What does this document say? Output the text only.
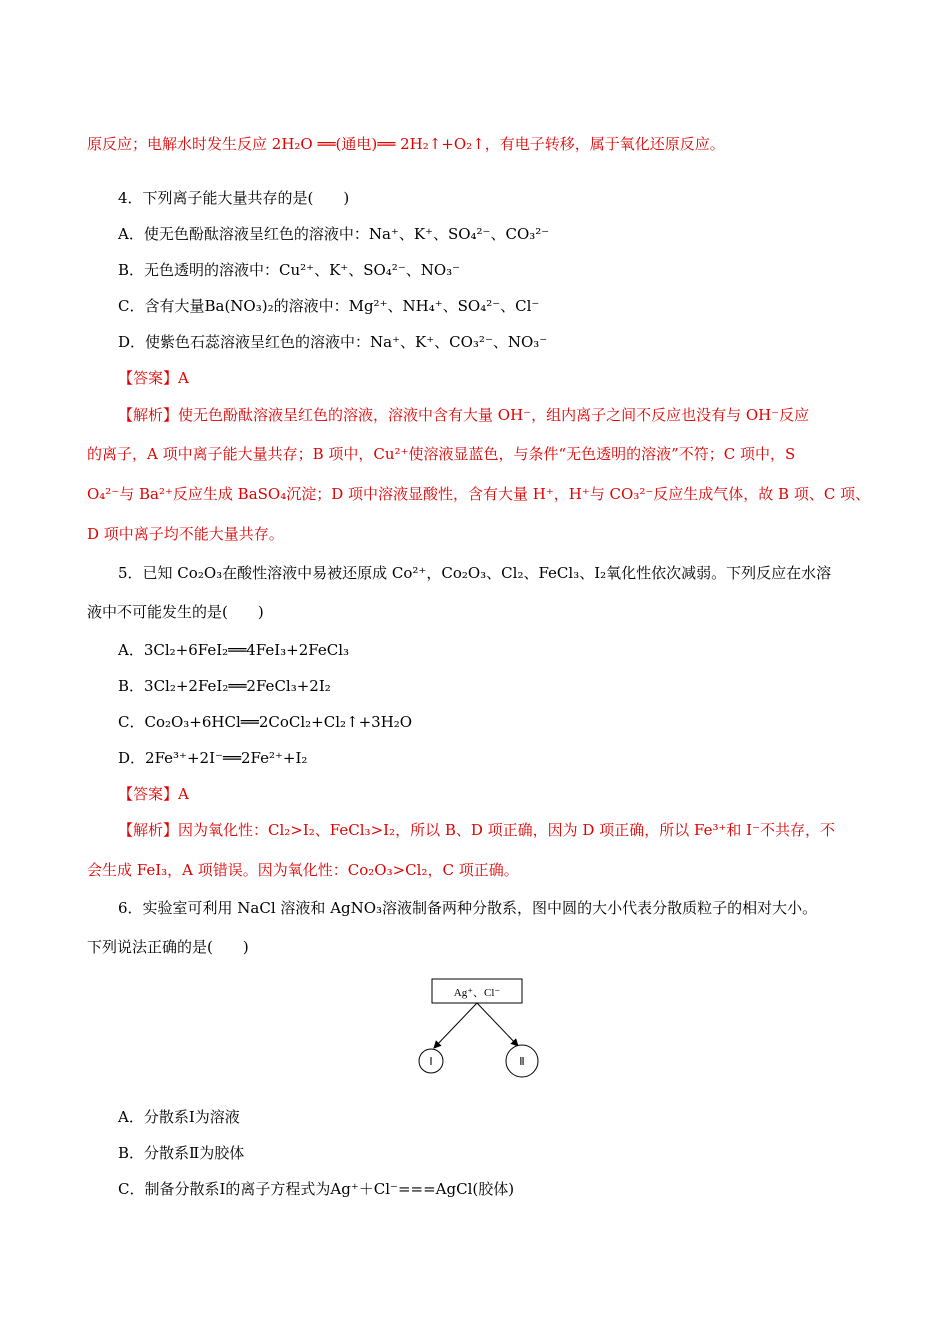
原反应；电解水时发生反应 2H₂O ══(通电)══ 2H₂↑+O₂↑，有电子转移，属于氧化还原反应。
4．下列离子能大量共存的是(　　)
A．使无色酚酞溶液呈红色的溶液中：Na⁺、K⁺、SO₄²⁻、CO₃²⁻
B．无色透明的溶液中：Cu²⁺、K⁺、SO₄²⁻、NO₃⁻
C．含有大量Ba(NO₃)₂的溶液中：Mg²⁺、NH₄⁺、SO₄²⁻、Cl⁻
D．使紫色石蕊溶液呈红色的溶液中：Na⁺、K⁺、CO₃²⁻、NO₃⁻
【答案】A
【解析】使无色酚酞溶液呈红色的溶液，溶液中含有大量 OH⁻，组内离子之间不反应也没有与 OH⁻反应
的离子，A 项中离子能大量共存；B 项中，Cu²⁺使溶液显蓝色，与条件“无色透明的溶液”不符；C 项中，S
O₄²⁻与 Ba²⁺反应生成 BaSO₄沉淀；D 项中溶液显酸性，含有大量 H⁺，H⁺与 CO₃²⁻反应生成气体，故 B 项、C 项、
D 项中离子均不能大量共存。
5．已知 Co₂O₃在酸性溶液中易被还原成 Co²⁺，Co₂O₃、Cl₂、FeCl₃、I₂氧化性依次减弱。下列反应在水溶
液中不可能发生的是(　　)
A．3Cl₂+6FeI₂══4FeI₃+2FeCl₃
B．3Cl₂+2FeI₂══2FeCl₃+2I₂
C．Co₂O₃+6HCl══2CoCl₂+Cl₂↑+3H₂O
D．2Fe³⁺+2I⁻══2Fe²⁺+I₂
【答案】A
【解析】因为氧化性：Cl₂>I₂、FeCl₃>I₂，所以 B、D 项正确，因为 D 项正确，所以 Fe³⁺和 I⁻不共存，不
会生成 FeI₃，A 项错误。因为氧化性：Co₂O₃>Cl₂，C 项正确。
6．实验室可利用 NaCl 溶液和 AgNO₃溶液制备两种分散系，图中圆的大小代表分散质粒子的相对大小。
下列说法正确的是(　　)
Ag⁺、Cl⁻
Ⅰ	Ⅱ
A．分散系Ⅰ为溶液
B．分散系Ⅱ为胶体
C．制备分散系Ⅰ的离子方程式为Ag⁺＋Cl⁻===AgCl(胶体)
